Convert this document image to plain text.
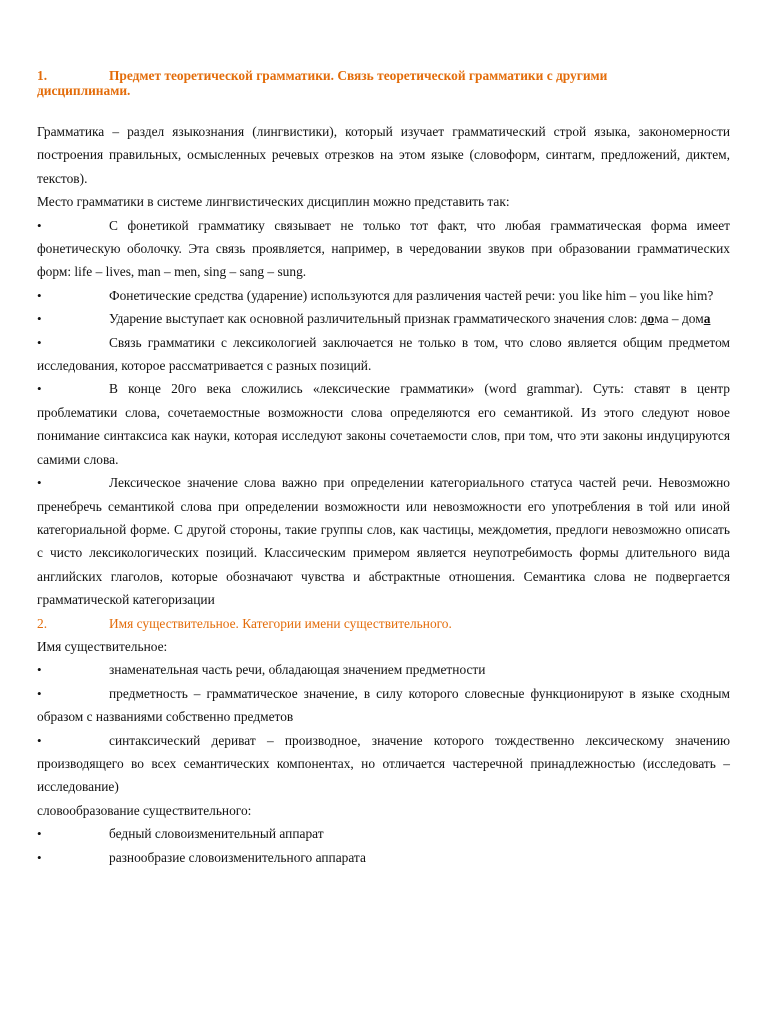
1.	Предмет теоретической грамматики. Связь теоретической грамматики с другими
дисциплинами.

Грамматика – раздел языкознания (лингвистики), который изучает грамматический строй языка, закономерности построения правильных, осмысленных речевых отрезков на этом языке (словоформ, синтагм, предложений, диктем, текстов).

Место грамматики в системе лингвистических дисциплин можно представить так:

•	С фонетикой грамматику связывает не только тот факт, что любая грамматическая форма имеет фонетическую оболочку. Эта связь проявляется, например, в чередовании звуков при образовании грамматических форм: life – lives, man – men, sing – sang – sung.

•	Фонетические средства (ударение) используются для различения частей речи: you like him – you like him?

•	Ударение выступает как основной различительный признак грамматического значения слов: дома – дома

•	Связь грамматики с лексикологией заключается не только в том, что слово является общим предметом исследования, которое рассматривается с разных позиций.

•	В конце 20го века сложились «лексические грамматики» (word grammar). Суть: ставят в центр проблематики слова, сочетаемостные возможности слова определяются его семантикой. Из этого следуют новое понимание синтаксиса как науки, которая исследуют законы сочетаемости слов, при том, что эти законы индуцируются самими слова.

•	Лексическое значение слова важно при определении категориального статуса частей речи. Невозможно пренебречь семантикой слова при определении возможности или невозможности его употребления в той или иной категориальной форме. С другой стороны, такие группы слов, как частицы, междометия, предлоги невозможно описать с чисто лексикологических позиций. Классическим примером является неупотребимость формы длительного вида английских глаголов, которые обозначают чувства и абстрактные отношения. Семантика слова не подвергается грамматической категоризации

2.	Имя существительное. Категории имени существительного.

Имя существительное:

•	знаменательная часть речи, обладающая значением предметности

•	предметность – грамматическое значение, в силу которого словесные функционируют в языке сходным образом с названиями собственно предметов

•	синтаксический дериват – производное, значение которого тождественно лексическому значению производящего во всех семантических компонентах, но отличается частеречной принадлежностью (исследовать – исследование)

словообразование существительного:

•	бедный словоизменительный аппарат

•	разнообразие словоизменительного аппарата
